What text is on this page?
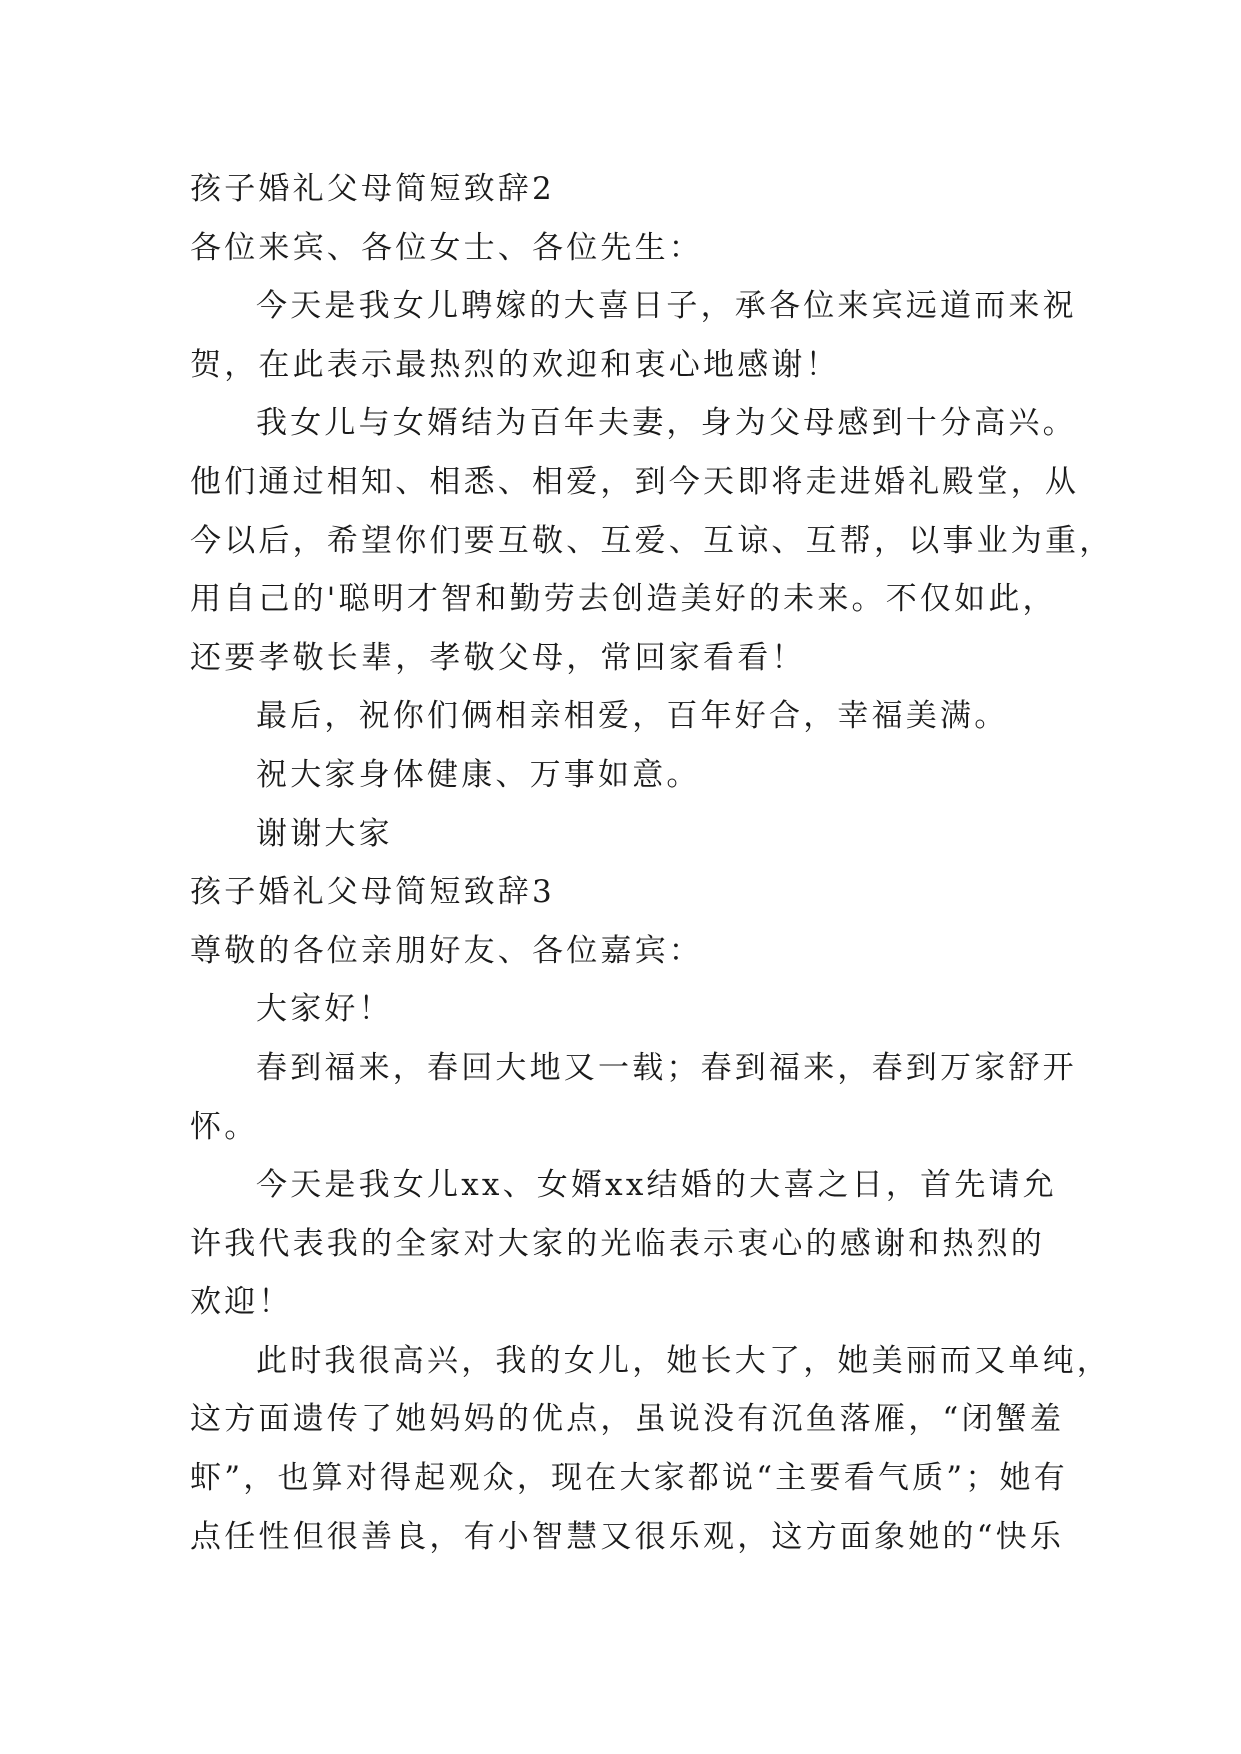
孩子婚礼父母简短致辞2

各位来宾、各位女士、各位先生：

今天是我女儿聘嫁的大喜日子，承各位来宾远道而来祝

贺，在此表示最热烈的欢迎和衷心地感谢！

我女儿与女婿结为百年夫妻，身为父母感到十分高兴。

他们通过相知、相悉、相爱，到今天即将走进婚礼殿堂，从

今以后，希望你们要互敬、互爱、互谅、互帮，以事业为重，

用自己的'聪明才智和勤劳去创造美好的未来。不仅如此，

还要孝敬长辈，孝敬父母，常回家看看！

最后，祝你们俩相亲相爱，百年好合，幸福美满。

祝大家身体健康、万事如意。

谢谢大家

孩子婚礼父母简短致辞3

尊敬的各位亲朋好友、各位嘉宾：

大家好！

春到福来，春回大地又一载；春到福来，春到万家舒开

怀。

今天是我女儿xx、女婿xx结婚的大喜之日，首先请允

许我代表我的全家对大家的光临表示衷心的感谢和热烈的

欢迎！

此时我很高兴，我的女儿，她长大了，她美丽而又单纯，

这方面遗传了她妈妈的优点，虽说没有沉鱼落雁，“闭蟹羞

虾”，也算对得起观众，现在大家都说“主要看气质”；她有

点任性但很善良，有小智慧又很乐观，这方面象她的“快乐
